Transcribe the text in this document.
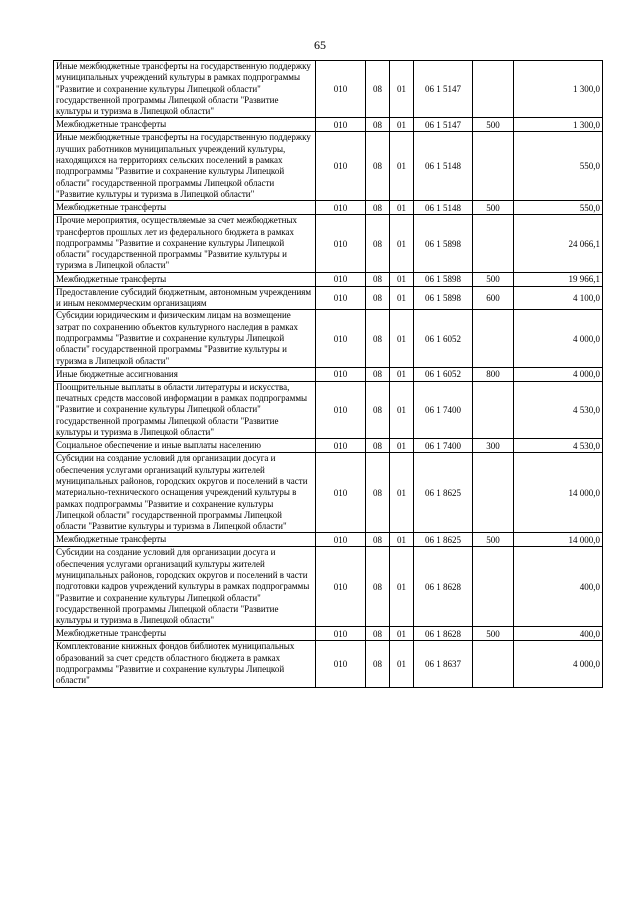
65
Иные межбюджетные трансферты на государственную поддержку муниципальных учреждений культуры в рамках подпрограммы "Развитие и сохранение культуры Липецкой области" государственной программы Липецкой области "Развитие культуры и туризма в Липецкой области"	010	08	01	06 1 5147		1 300,0
Межбюджетные трансферты	010	08	01	06 1 5147	500	1 300,0
Иные межбюджетные трансферты на государственную поддержку лучших работников муниципальных учреждений культуры, находящихся на территориях сельских поселений в рамках подпрограммы "Развитие и сохранение культуры Липецкой области" государственной программы Липецкой области "Развитие культуры и туризма в Липецкой области"	010	08	01	06 1 5148		550,0
Межбюджетные трансферты	010	08	01	06 1 5148	500	550,0
Прочие мероприятия, осуществляемые за счет межбюджетных трансфертов прошлых лет из федерального бюджета в рамках подпрограммы "Развитие и сохранение культуры Липецкой области" государственной программы "Развитие культуры и туризма в Липецкой области"	010	08	01	06 1 5898		24 066,1
Межбюджетные трансферты	010	08	01	06 1 5898	500	19 966,1
Предоставление субсидий бюджетным, автономным учреждениям и иным некоммерческим организациям	010	08	01	06 1 5898	600	4 100,0
Субсидии юридическим и физическим лицам на возмещение затрат по сохранению объектов культурного наследия в рамках подпрограммы "Развитие и сохранение культуры Липецкой области" государственной программы "Развитие культуры и туризма в Липецкой области"	010	08	01	06 1 6052		4 000,0
Иные бюджетные ассигнования	010	08	01	06 1 6052	800	4 000,0
Поощрительные выплаты в области литературы и искусства, печатных средств массовой информации в рамках подпрограммы "Развитие и сохранение культуры Липецкой области" государственной программы Липецкой области "Развитие культуры и туризма в Липецкой области"	010	08	01	06 1 7400		4 530,0
Социальное обеспечение и иные выплаты населению	010	08	01	06 1 7400	300	4 530,0
Субсидии на создание условий для организации досуга и обеспечения услугами организаций культуры жителей муниципальных районов, городских округов и поселений в части материально-технического оснащения учреждений культуры в рамках подпрограммы "Развитие и сохранение культуры Липецкой области" государственной программы Липецкой области "Развитие культуры и туризма в Липецкой области"	010	08	01	06 1 8625		14 000,0
Межбюджетные трансферты	010	08	01	06 1 8625	500	14 000,0
Субсидии на создание условий для организации досуга и обеспечения услугами организаций культуры жителей муниципальных районов, городских округов и поселений в части подготовки кадров учреждений культуры в рамках подпрограммы "Развитие и сохранение культуры Липецкой области" государственной программы Липецкой области "Развитие культуры и туризма в Липецкой области"	010	08	01	06 1 8628		400,0
Межбюджетные трансферты	010	08	01	06 1 8628	500	400,0
Комплектование книжных фондов библиотек муниципальных образований за счет средств областного бюджета в рамках подпрограммы "Развитие и сохранение культуры Липецкой области"	010	08	01	06 1 8637		4 000,0
